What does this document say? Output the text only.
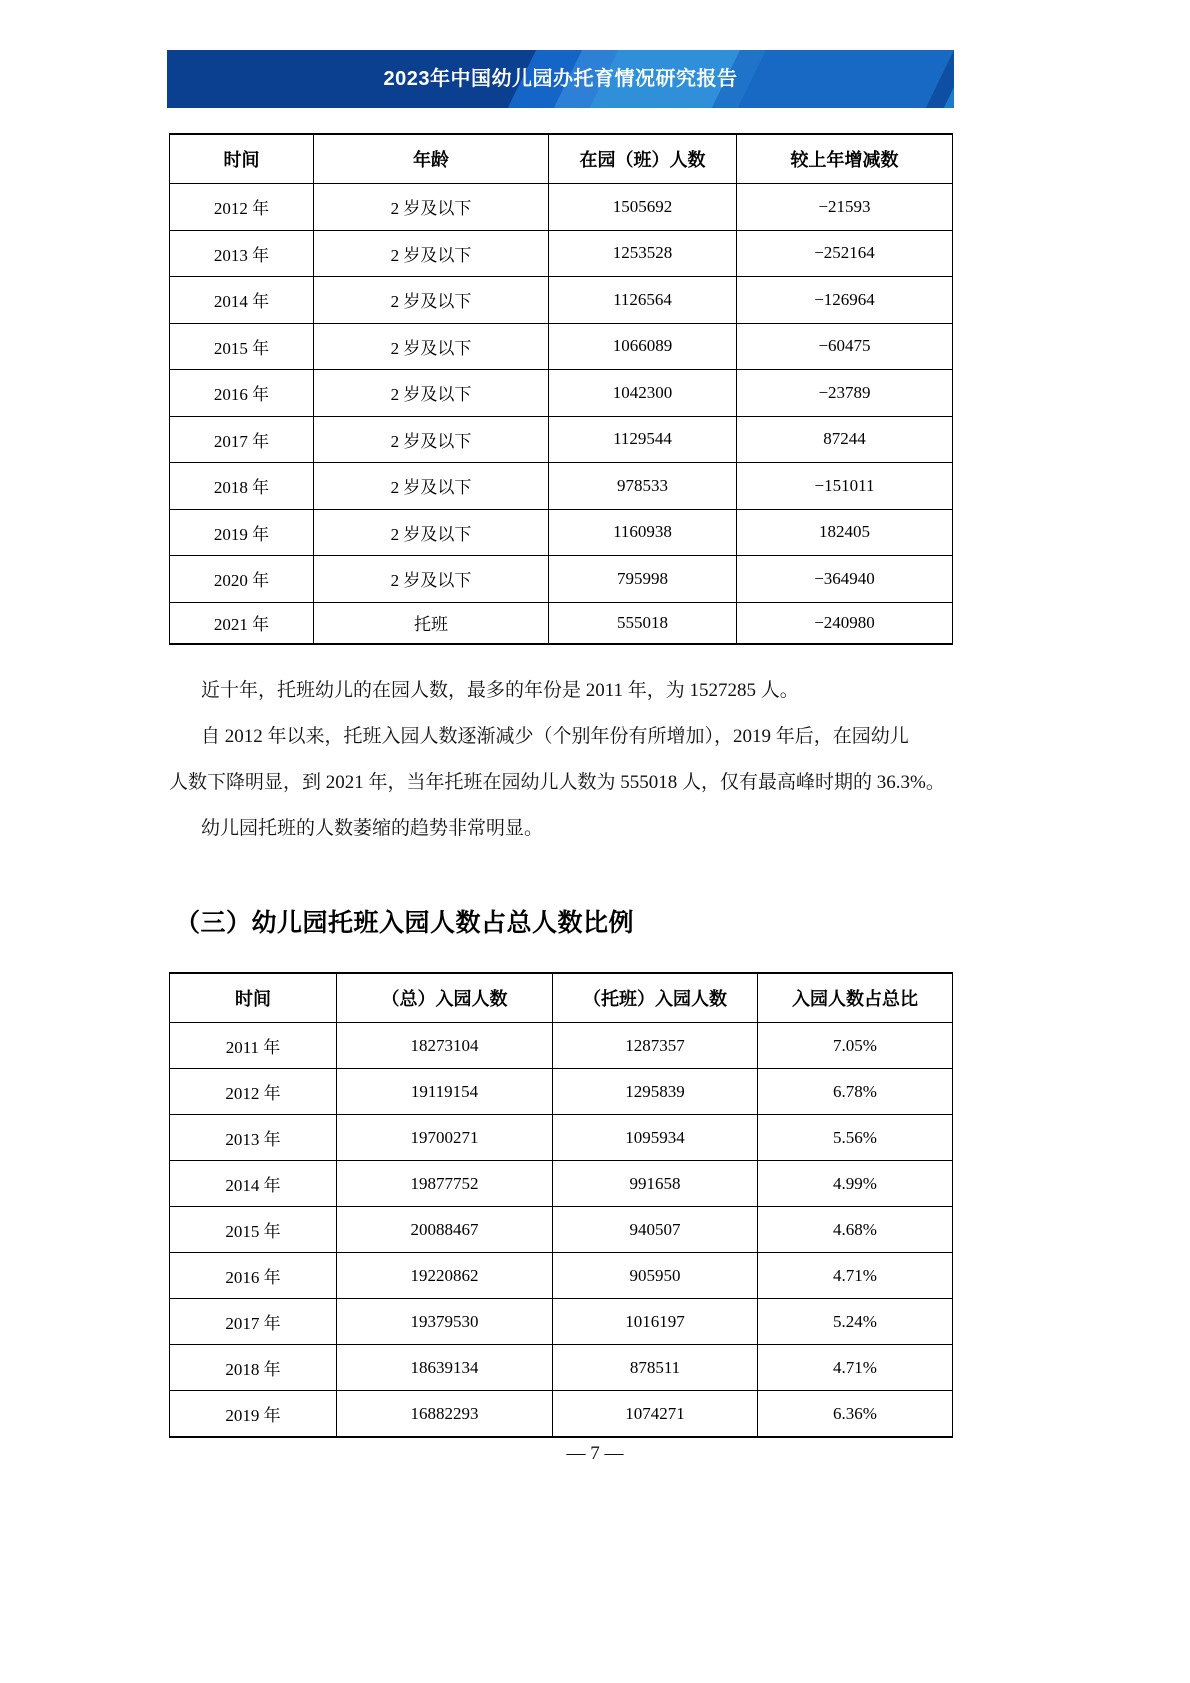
2023年中国幼儿园办托育情况研究报告
时间	年龄	在园（班）人数	较上年增减数
2012 年	2 岁及以下	1505692	−21593
2013 年	2 岁及以下	1253528	−252164
2014 年	2 岁及以下	1126564	−126964
2015 年	2 岁及以下	1066089	−60475
2016 年	2 岁及以下	1042300	−23789
2017 年	2 岁及以下	1129544	87244
2018 年	2 岁及以下	978533	−151011
2019 年	2 岁及以下	1160938	182405
2020 年	2 岁及以下	795998	−364940
2021 年	托班	555018	−240980
近十年，托班幼儿的在园人数，最多的年份是 2011 年，为 1527285 人。
自 2012 年以来，托班入园人数逐渐减少（个别年份有所增加），2019 年后，在园幼儿
人数下降明显，到 2021 年，当年托班在园幼儿人数为 555018 人，仅有最高峰时期的 36.3%。
幼儿园托班的人数萎缩的趋势非常明显。
（三）幼儿园托班入园人数占总人数比例
时间	（总）入园人数	（托班）入园人数	入园人数占总比
2011 年	18273104	1287357	7.05%
2012 年	19119154	1295839	6.78%
2013 年	19700271	1095934	5.56%
2014 年	19877752	991658	4.99%
2015 年	20088467	940507	4.68%
2016 年	19220862	905950	4.71%
2017 年	19379530	1016197	5.24%
2018 年	18639134	878511	4.71%
2019 年	16882293	1074271	6.36%
— 7 —
